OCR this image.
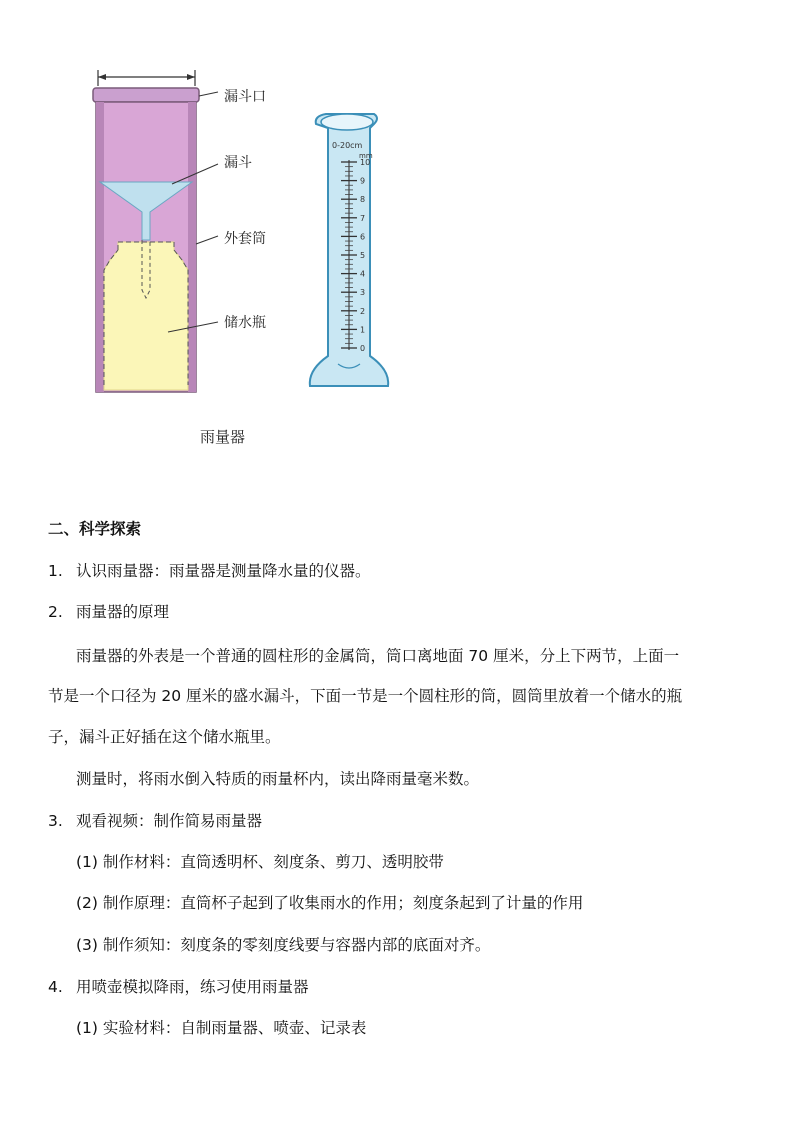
10
9
8
7
6
5
4
3
2
1
0
0-20cm
mm
漏斗口
漏斗
外套筒
储水瓶
雨量器
二、科学探索
1. 认识雨量器：雨量器是测量降水量的仪器。
2. 雨量器的原理
雨量器的外表是一个普通的圆柱形的金属筒，筒口离地面 70 厘米，分上下两节，上面一
节是一个口径为 20 厘米的盛水漏斗，下面一节是一个圆柱形的筒，圆筒里放着一个储水的瓶
子，漏斗正好插在这个储水瓶里。
测量时，将雨水倒入特质的雨量杯内，读出降雨量毫米数。
3. 观看视频：制作简易雨量器
(1) 制作材料：直筒透明杯、刻度条、剪刀、透明胶带
(2) 制作原理：直筒杯子起到了收集雨水的作用；刻度条起到了计量的作用
(3) 制作须知：刻度条的零刻度线要与容器内部的底面对齐。
4. 用喷壶模拟降雨，练习使用雨量器
(1) 实验材料：自制雨量器、喷壶、记录表
